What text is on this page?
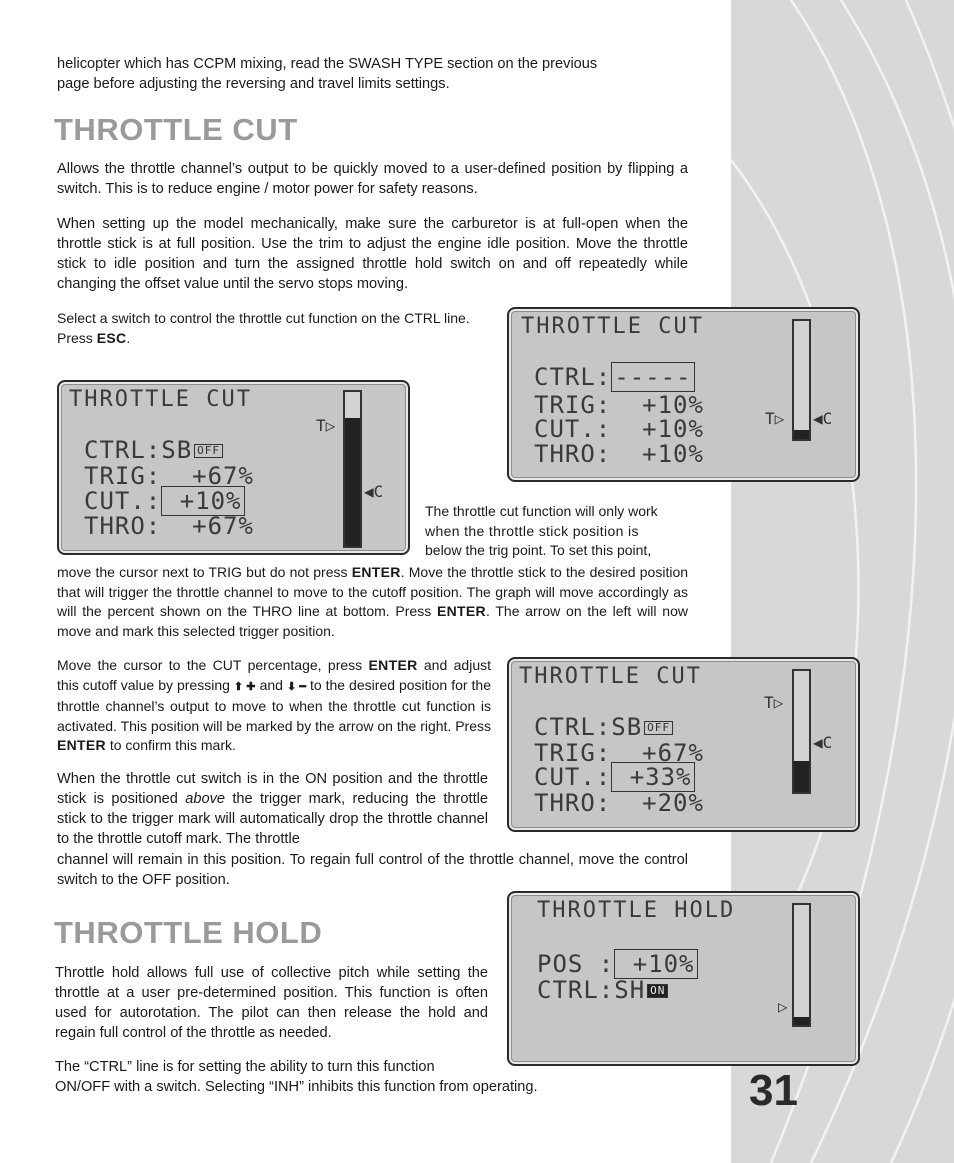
31

helicopter which has CCPM mixing, read the SWASH TYPE section on the previous
page before adjusting the reversing and travel limits settings.

THROTTLE CUT

Allows the throttle channel’s output to be quickly moved to a user-defined position by flipping a switch. This is to reduce engine / motor power for safety reasons.

When setting up the model mechanically, make sure the carburetor is at full-open when the throttle stick is at full position. Use the trim to adjust the engine idle position. Move the throttle stick to idle position and turn the assigned throttle hold switch on and off repeatedly while changing the offset value until the servo stops moving.

Select a switch to control the throttle cut function on the CTRL line. Press ESC.

The throttle cut function will only work
when the throttle stick position is
below the trig point. To set this point,

move the cursor next to TRIG but do not press ENTER. Move the throttle stick to the desired position that will trigger the throttle channel to move to the cutoff position. The graph will move accordingly as will the percent shown on the THRO line at bottom. Press ENTER. The arrow on the left will now move and mark this selected trigger position.

Move the cursor to the CUT percentage, press ENTER and adjust this cutoff value by pressing ⬆ ✚ and ⬇ ━ to the desired position for the throttle channel’s output to move to when the throttle cut function is activated. This position will be marked by the arrow on the right. Press ENTER to confirm this mark.

When the throttle cut switch is in the ON position and the throttle stick is positioned above the trigger mark, reducing the throttle stick to the trigger mark will automatically drop the throttle channel to the throttle cutoff mark. The throttle

channel will remain in this position. To regain full control of the throttle channel, move the control switch to the OFF position.

THROTTLE HOLD

Throttle hold allows full use of collective pitch while setting the throttle at a user pre-determined position. This function is often used for autorotation. The pilot can then release the hold and regain full control of the throttle as needed.

The “CTRL” line is for setting the ability to turn this function
ON/OFF with a switch. Selecting “INH” inhibits this function from operating.

THROTTLE CUT
CTRL: -----
TRIG: +10%
CUT.: +10%
THRO: +10%
T▷ ◀C
THROTTLE CUT
CTRL:SB OFF
TRIG: +67%
CUT.: +10%
THRO: +67%
T▷
◀C
THROTTLE CUT
CTRL:SB OFF
TRIG: +67%
CUT.: +33%
THRO: +20%
T▷
◀C
THROTTLE HOLD
POS : +10%
CTRL:SH ON
▷
